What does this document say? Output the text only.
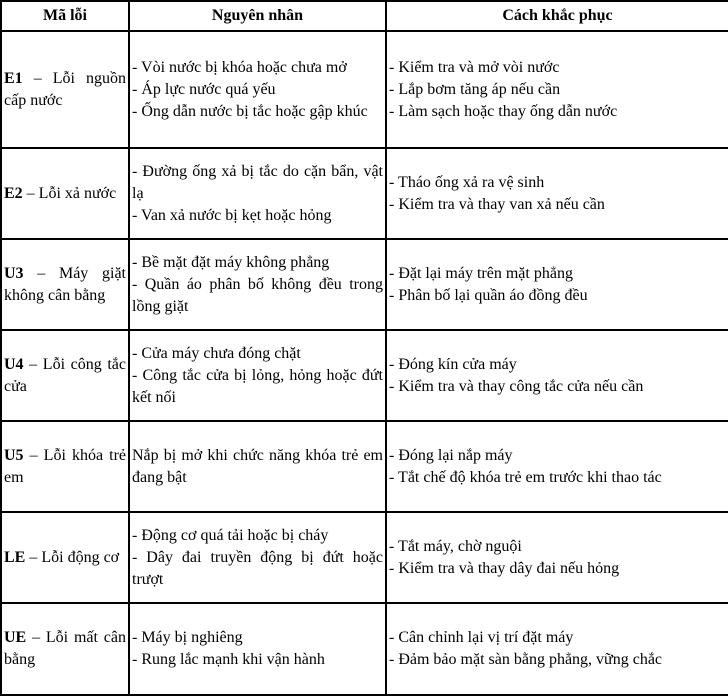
Mã lỗi	Nguyên nhân	Cách khắc phục
E1 – Lỗi nguồn cấp nước	- Vòi nước bị khóa hoặc chưa mở
- Áp lực nước quá yếu
- Ống dẫn nước bị tắc hoặc gập khúc	- Kiểm tra và mở vòi nước
- Lắp bơm tăng áp nếu cần
- Làm sạch hoặc thay ống dẫn nước

E2 – Lỗi xả nước	- Đường ống xả bị tắc do cặn bẩn, vật lạ
- Van xả nước bị kẹt hoặc hỏng	- Tháo ống xả ra vệ sinh
- Kiểm tra và thay van xả nếu cần

U3 – Máy giặt không cân bằng	- Bề mặt đặt máy không phẳng
- Quần áo phân bố không đều trong lồng giặt	- Đặt lại máy trên mặt phẳng
- Phân bố lại quần áo đồng đều

U4 – Lỗi công tắc cửa	- Cửa máy chưa đóng chặt
- Công tắc cửa bị lỏng, hỏng hoặc đứt kết nối	- Đóng kín cửa máy
- Kiểm tra và thay công tắc cửa nếu cần

U5 – Lỗi khóa trẻ em	Nắp bị mở khi chức năng khóa trẻ em đang bật	- Đóng lại nắp máy
- Tắt chế độ khóa trẻ em trước khi thao tác

LE – Lỗi động cơ	- Động cơ quá tải hoặc bị cháy
- Dây đai truyền động bị đứt hoặc trượt	- Tắt máy, chờ nguội
- Kiểm tra và thay dây đai nếu hỏng

UE – Lỗi mất cân bằng	- Máy bị nghiêng
- Rung lắc mạnh khi vận hành	- Cân chỉnh lại vị trí đặt máy
- Đảm bảo mặt sàn bằng phẳng, vững chắc
